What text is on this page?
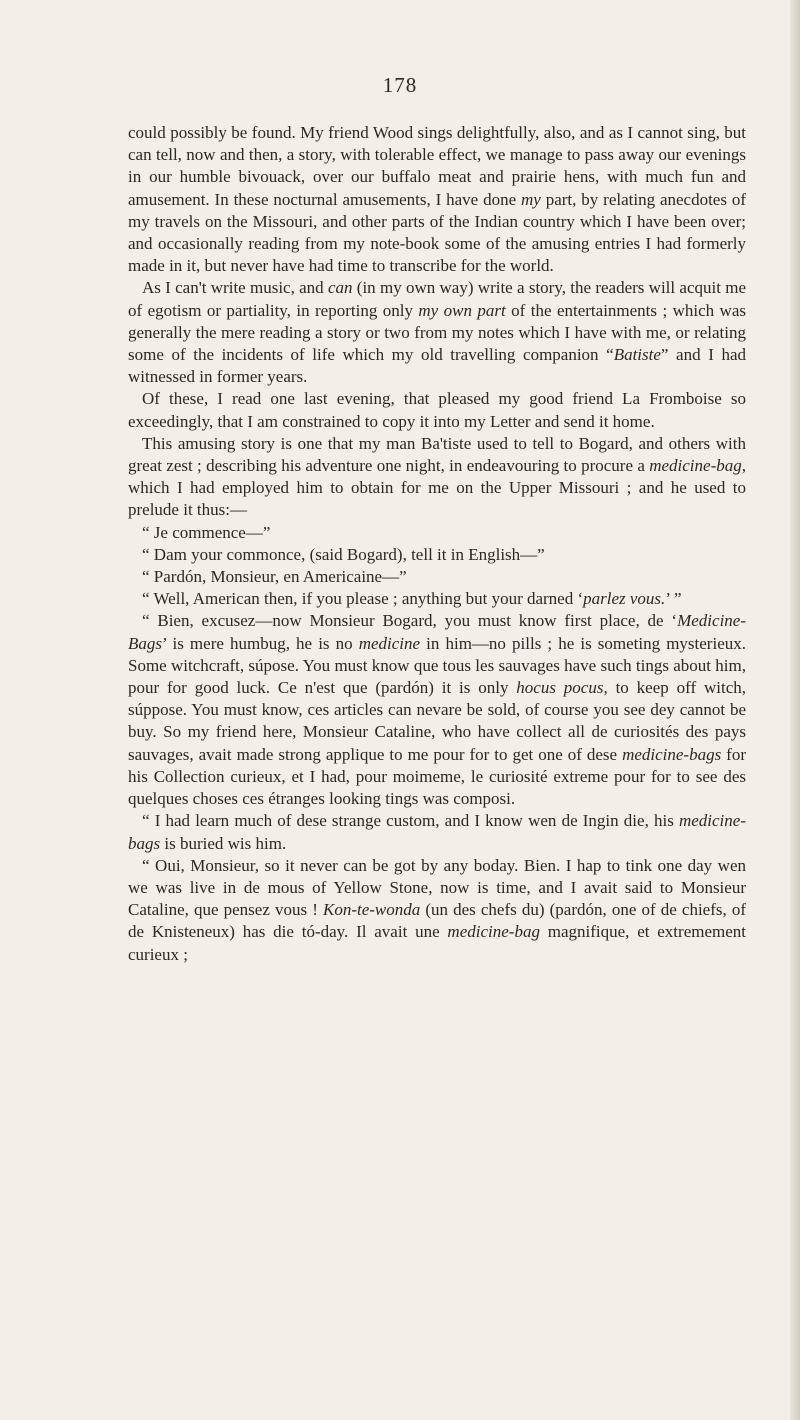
178

could possibly be found. My friend Wood sings delightfully, also, and as I cannot sing, but can tell, now and then, a story, with tolerable effect, we manage to pass away our evenings in our humble bivouack, over our buffalo meat and prairie hens, with much fun and amusement. In these nocturnal amusements, I have done my part, by relating anecdotes of my travels on the Missouri, and other parts of the Indian country which I have been over; and occasionally reading from my note-book some of the amusing entries I had formerly made in it, but never have had time to transcribe for the world.

As I can't write music, and can (in my own way) write a story, the readers will acquit me of egotism or partiality, in reporting only my own part of the entertainments ; which was generally the mere reading a story or two from my notes which I have with me, or relating some of the incidents of life which my old travelling companion “Batiste” and I had witnessed in former years.

Of these, I read one last evening, that pleased my good friend La Fromboise so exceedingly, that I am constrained to copy it into my Letter and send it home.

This amusing story is one that my man Ba'tiste used to tell to Bogard, and others with great zest ; describing his adventure one night, in endeavouring to procure a medicine-bag, which I had employed him to obtain for me on the Upper Missouri ; and he used to prelude it thus:—

“ Je commence—”

“ Dam your commonce, (said Bogard), tell it in English—”

“ Pardón, Monsieur, en Americaine—”

“ Well, American then, if you please ; anything but your darned ‘parlez vous.’ ”

“ Bien, excusez—now Monsieur Bogard, you must know first place, de ‘Medicine-Bags’ is mere humbug, he is no medicine in him—no pills ; he is someting mysterieux. Some witchcraft, súpose. You must know que tous les sauvages have such tings about him, pour for good luck. Ce n'est que (pardón) it is only hocus pocus, to keep off witch, súppose. You must know, ces articles can nevare be sold, of course you see dey cannot be buy. So my friend here, Monsieur Cataline, who have collect all de curiosités des pays sauvages, avait made strong applique to me pour for to get one of dese medicine-bags for his Collection curieux, et I had, pour moimeme, le curiosité extreme pour for to see des quelques choses ces étranges looking tings was composi.

“ I had learn much of dese strange custom, and I know wen de Ingin die, his medicine-bags is buried wis him.

“ Oui, Monsieur, so it never can be got by any boday. Bien. I hap to tink one day wen we was live in de mous of Yellow Stone, now is time, and I avait said to Monsieur Cataline, que pensez vous ! Kon-te-wonda (un des chefs du) (pardón, one of de chiefs, of de Knisteneux) has die tó-day. Il avait une medicine-bag magnifique, et extremement curieux ;
